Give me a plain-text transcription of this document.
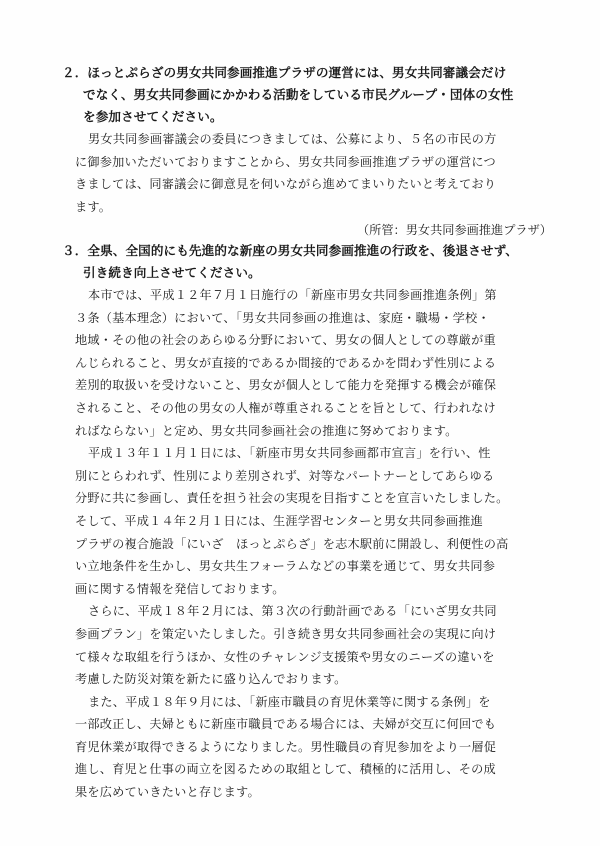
２．ほっとぷらざの男女共同参画推進プラザの運営には、男女共同審議会だけ
でなく、男女共同参画にかかわる活動をしている市民グループ・団体の女性
を参加させてください。
男女共同参画審議会の委員につきましては、公募により、５名の市民の方
に御参加いただいておりますことから、男女共同参画推進プラザの運営につ
きましては、同審議会に御意見を伺いながら進めてまいりたいと考えており
ます。
（所管：男女共同参画推進プラザ）
３．全県、全国的にも先進的な新座の男女共同参画推進の行政を、後退させず、
引き続き向上させてください。
本市では、平成１２年７月１日施行の「新座市男女共同参画推進条例」第
３条（基本理念）において、「男女共同参画の推進は、家庭・職場・学校・
地域・その他の社会のあらゆる分野において、男女の個人としての尊厳が重
んじられること、男女が直接的であるか間接的であるかを問わず性別による
差別的取扱いを受けないこと、男女が個人として能力を発揮する機会が確保
されること、その他の男女の人権が尊重されることを旨として、行われなけ
ればならない」と定め、男女共同参画社会の推進に努めております。
平成１３年１１月１日には、「新座市男女共同参画都市宣言」を行い、性
別にとらわれず、性別により差別されず、対等なパートナーとしてあらゆる
分野に共に参画し、責任を担う社会の実現を目指すことを宣言いたしました。
そして、平成１４年２月１日には、生涯学習センターと男女共同参画推進
プラザの複合施設「にいざ　ほっとぷらざ」を志木駅前に開設し、利便性の高
い立地条件を生かし、男女共生フォーラムなどの事業を通じて、男女共同参
画に関する情報を発信しております。
さらに、平成１８年２月には、第３次の行動計画である「にいざ男女共同
参画プラン」を策定いたしました。引き続き男女共同参画社会の実現に向け
て様々な取組を行うほか、女性のチャレンジ支援策や男女のニーズの違いを
考慮した防災対策を新たに盛り込んでおります。
また、平成１８年９月には、「新座市職員の育児休業等に関する条例」を
一部改正し、夫婦ともに新座市職員である場合には、夫婦が交互に何回でも
育児休業が取得できるようになりました。男性職員の育児参加をより一層促
進し、育児と仕事の両立を図るための取組として、積極的に活用し、その成
果を広めていきたいと存じます。
